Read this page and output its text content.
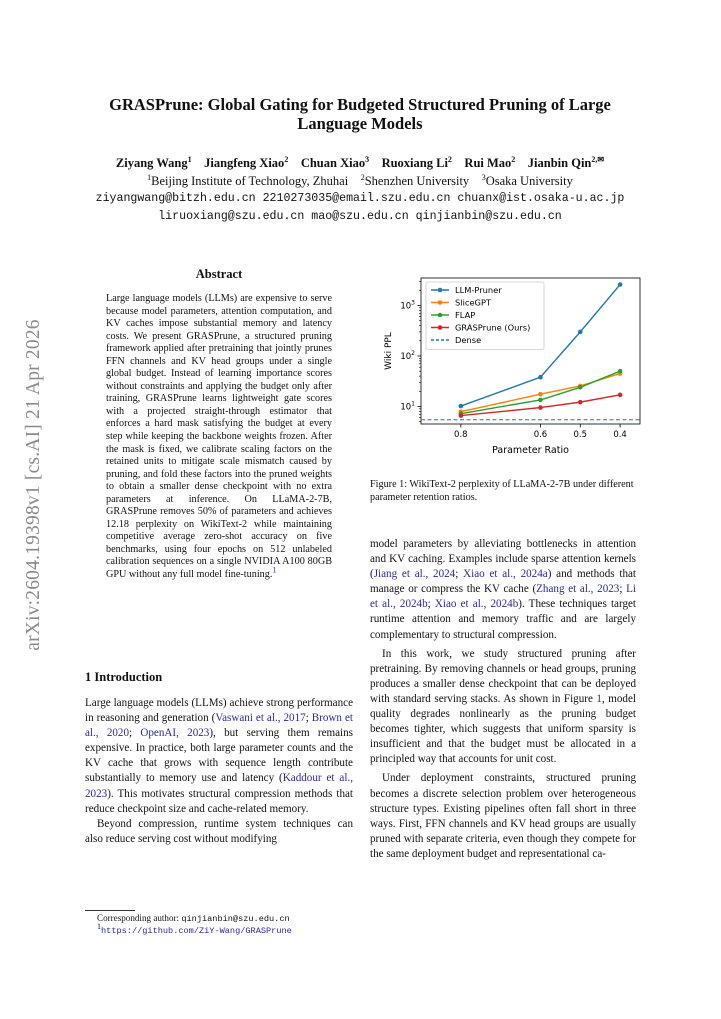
arXiv:2604.19398v1 [cs.AI] 21 Apr 2026
GRASPrune: Global Gating for Budgeted Structured Pruning of Large
Language Models
Ziyang Wang$^1$ Jiangfeng Xiao$^2$ Chuan Xiao$^3$ Ruoxiang Li$^2$ Rui Mao$^2$ Jianbin Qin$^{2,✉}$
$^1$Beijing Institute of Technology, Zhuhai $^2$Shenzhen University $^3$Osaka University
ziyangwang@bitzh.edu.cn 2210273035@email.szu.edu.cn chuanx@ist.osaka-u.ac.jp
liruoxiang@szu.edu.cn mao@szu.edu.cn qinjianbin@szu.edu.cn
Abstract
Large language models (LLMs) are expensive to serve because model parameters, attention computation, and KV caches impose substantial memory and latency costs. We present GRASPrune, a structured pruning framework applied after pretraining that jointly prunes FFN channels and KV head groups under a single global budget. Instead of learning importance scores without constraints and applying the budget only after training, GRASPrune learns lightweight gate scores with a projected straight-through estimator that enforces a hard mask satisfying the budget at every step while keeping the backbone weights frozen. After the mask is fixed, we calibrate scaling factors on the retained units to mitigate scale mismatch caused by pruning, and fold these factors into the pruned weights to obtain a smaller dense checkpoint with no extra parameters at inference. On LLaMA-2-7B, GRASPrune removes 50% of parameters and achieves 12.18 perplexity on WikiText-2 while maintaining competitive average zero-shot accuracy on five benchmarks, using four epochs on 512 unlabeled calibration sequences on a single NVIDIA A100 80GB GPU without any full model fine-tuning.$^1$
1 Introduction

Large language models (LLMs) achieve strong performance in reasoning and generation (Vaswani et al., 2017; Brown et al., 2020; OpenAI, 2023), but serving them remains expensive. In practice, both large parameter counts and the KV cache that grows with sequence length contribute substantially to memory use and latency (Kaddour et al., 2023). This motivates structural compression methods that reduce checkpoint size and cache-related memory.

Beyond compression, runtime system techniques can also reduce serving cost without modifying

Corresponding author: qinjianbin@szu.edu.cn
$^1$https://github.com/ZiY-Wang/GRASPrune
$10^1$
$10^2$
$10^3$
0.8	0.6	0.5	0.4
LLM-Pruner
SliceGPT
FLAP
GRASPrune (Ours)
Dense
Wiki PPL
Parameter Ratio
Figure 1: WikiText-2 perplexity of LLaMA-2-7B under different parameter retention ratios.

model parameters by alleviating bottlenecks in attention and KV caching. Examples include sparse attention kernels (Jiang et al., 2024; Xiao et al., 2024a) and methods that manage or compress the KV cache (Zhang et al., 2023; Li et al., 2024b; Xiao et al., 2024b). These techniques target runtime attention and memory traffic and are largely complementary to structural compression.

In this work, we study structured pruning after pretraining. By removing channels or head groups, pruning produces a smaller dense checkpoint that can be deployed with standard serving stacks. As shown in Figure 1, model quality degrades nonlinearly as the pruning budget becomes tighter, which suggests that uniform sparsity is insufficient and that the budget must be allocated in a principled way that accounts for unit cost.

Under deployment constraints, structured pruning becomes a discrete selection problem over heterogeneous structure types. Existing pipelines often fall short in three ways. First, FFN channels and KV head groups are usually pruned with separate criteria, even though they compete for the same deployment budget and representational ca-
